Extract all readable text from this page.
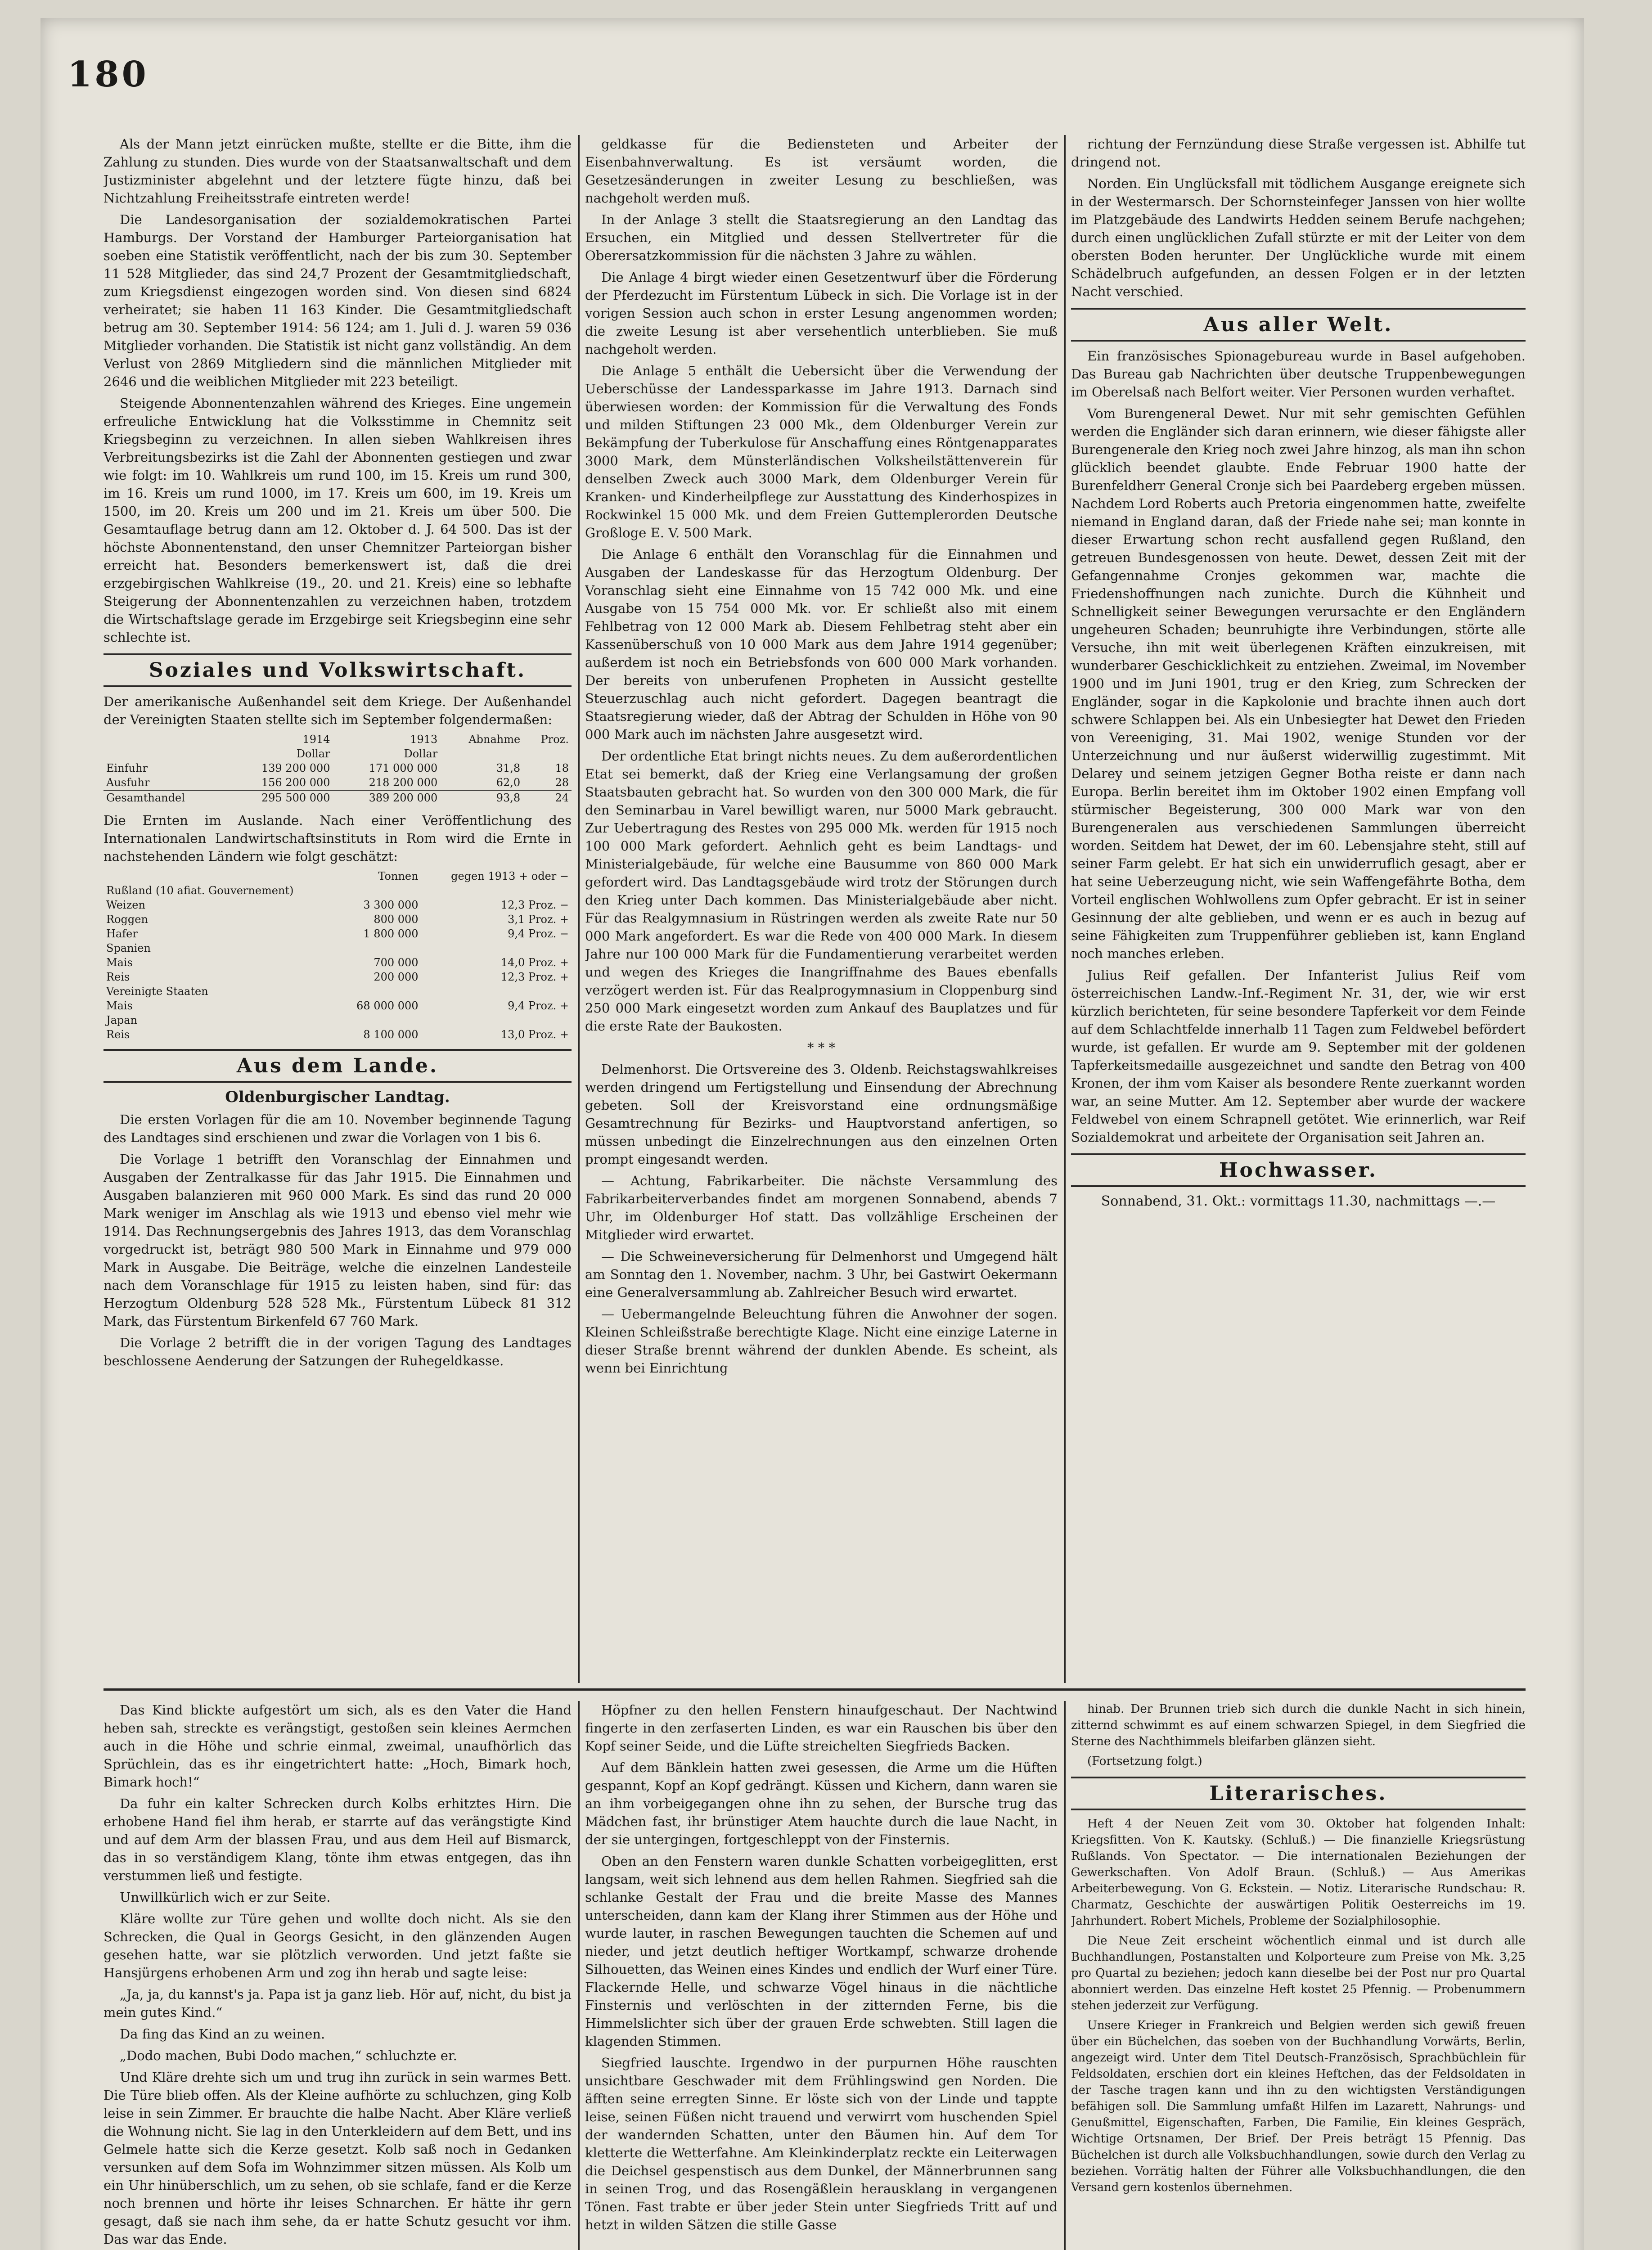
180

Als der Mann jetzt einrücken mußte, stellte er die Bitte, ihm die Zahlung zu stunden. Dies wurde von der Staatsanwaltschaft und dem Justizminister abgelehnt und der letztere fügte hinzu, daß bei Nichtzahlung Freiheitsstrafe eintreten werde!

Die Landesorganisation der sozialdemokratischen Partei Hamburgs. Der Vorstand der Hamburger Parteiorganisation hat soeben eine Statistik veröffentlicht, nach der bis zum 30. September 11 528 Mitglieder, das sind 24,7 Prozent der Gesamtmitgliedschaft, zum Kriegsdienst eingezogen worden sind. Von diesen sind 6824 verheiratet; sie haben 11 163 Kinder. Die Gesamtmitgliedschaft betrug am 30. September 1914: 56 124; am 1. Juli d. J. waren 59 036 Mitglieder vorhanden. Die Statistik ist nicht ganz vollständig. An dem Verlust von 2869 Mitgliedern sind die männlichen Mitglieder mit 2646 und die weiblichen Mitglieder mit 223 beteiligt.

Steigende Abonnentenzahlen während des Krieges. Eine ungemein erfreuliche Entwicklung hat die Volksstimme in Chemnitz seit Kriegsbeginn zu verzeichnen. In allen sieben Wahlkreisen ihres Verbreitungsbezirks ist die Zahl der Abonnenten gestiegen und zwar wie folgt: im 10. Wahlkreis um rund 100, im 15. Kreis um rund 300, im 16. Kreis um rund 1000, im 17. Kreis um 600, im 19. Kreis um 1500, im 20. Kreis um 200 und im 21. Kreis um über 500. Die Gesamtauflage betrug dann am 12. Oktober d. J. 64 500. Das ist der höchste Abonnentenstand, den unser Chemnitzer Parteiorgan bisher erreicht hat. Besonders bemerkenswert ist, daß die drei erzgebirgischen Wahlkreise (19., 20. und 21. Kreis) eine so lebhafte Steigerung der Abonnentenzahlen zu verzeichnen haben, trotzdem die Wirtschaftslage gerade im Erzgebirge seit Kriegsbeginn eine sehr schlechte ist.

Soziales und Volkswirtschaft.

Der amerikanische Außenhandel seit dem Kriege. Der Außenhandel der Vereinigten Staaten stellte sich im September folgendermaßen:

	1914	1913	Abnahme	Proz.
	Dollar	Dollar		
Einfuhr	139 200 000	171 000 000	31,8	18
Ausfuhr	156 200 000	218 200 000	62,0	28
Gesamthandel	295 500 000	389 200 000	93,8	24

Die Ernten im Auslande. Nach einer Veröffentlichung des Internationalen Landwirtschaftsinstituts in Rom wird die Ernte in nachstehenden Ländern wie folgt geschätzt:

	Tonnen	gegen 1913 + oder −
Rußland (10 afiat. Gouvernement)		
Weizen	3 300 000	12,3 Proz. −
Roggen	800 000	3,1 Proz. +
Hafer	1 800 000	9,4 Proz. −
Spanien		
Mais	700 000	14,0 Proz. +
Reis	200 000	12,3 Proz. +
Vereinigte Staaten		
Mais	68 000 000	9,4 Proz. +
Japan		
Reis	8 100 000	13,0 Proz. +
Aus dem Lande.
Oldenburgischer Landtag.

Die ersten Vorlagen für die am 10. November beginnende Tagung des Landtages sind erschienen und zwar die Vorlagen von 1 bis 6.

Die Vorlage 1 betrifft den Voranschlag der Einnahmen und Ausgaben der Zentralkasse für das Jahr 1915. Die Einnahmen und Ausgaben balanzieren mit 960 000 Mark. Es sind das rund 20 000 Mark weniger im Anschlag als wie 1913 und ebenso viel mehr wie 1914. Das Rechnungsergebnis des Jahres 1913, das dem Voranschlag vorgedruckt ist, beträgt 980 500 Mark in Einnahme und 979 000 Mark in Ausgabe. Die Beiträge, welche die einzelnen Landesteile nach dem Voranschlage für 1915 zu leisten haben, sind für: das Herzogtum Oldenburg 528 528 Mk., Fürstentum Lübeck 81 312 Mark, das Fürstentum Birkenfeld 67 760 Mark.

Die Vorlage 2 betrifft die in der vorigen Tagung des Landtages beschlossene Aenderung der Satzungen der Ruhegeldkasse.

geldkasse für die Bediensteten und Arbeiter der Eisenbahnverwaltung. Es ist versäumt worden, die Gesetzesänderungen in zweiter Lesung zu beschließen, was nachgeholt werden muß.

In der Anlage 3 stellt die Staatsregierung an den Landtag das Ersuchen, ein Mitglied und dessen Stellvertreter für die Oberersatzkommission für die nächsten 3 Jahre zu wählen.

Die Anlage 4 birgt wieder einen Gesetzentwurf über die Förderung der Pferdezucht im Fürstentum Lübeck in sich. Die Vorlage ist in der vorigen Session auch schon in erster Lesung angenommen worden; die zweite Lesung ist aber versehentlich unterblieben. Sie muß nachgeholt werden.

Die Anlage 5 enthält die Uebersicht über die Verwendung der Ueberschüsse der Landessparkasse im Jahre 1913. Darnach sind überwiesen worden: der Kommission für die Verwaltung des Fonds und milden Stiftungen 23 000 Mk., dem Oldenburger Verein zur Bekämpfung der Tuberkulose für Anschaffung eines Röntgenapparates 3000 Mark, dem Münsterländischen Volksheilstättenverein für denselben Zweck auch 3000 Mark, dem Oldenburger Verein für Kranken- und Kinderheilpflege zur Ausstattung des Kinderhospizes in Rockwinkel 15 000 Mk. und dem Freien Guttemplerorden Deutsche Großloge E. V. 500 Mark.

Die Anlage 6 enthält den Voranschlag für die Einnahmen und Ausgaben der Landeskasse für das Herzogtum Oldenburg. Der Voranschlag sieht eine Einnahme von 15 742 000 Mk. und eine Ausgabe von 15 754 000 Mk. vor. Er schließt also mit einem Fehlbetrag von 12 000 Mark ab. Diesem Fehlbetrag steht aber ein Kassenüberschuß von 10 000 Mark aus dem Jahre 1914 gegenüber; außerdem ist noch ein Betriebsfonds von 600 000 Mark vorhanden. Der bereits von unberufenen Propheten in Aussicht gestellte Steuerzuschlag auch nicht gefordert. Dagegen beantragt die Staatsregierung wieder, daß der Abtrag der Schulden in Höhe von 90 000 Mark auch im nächsten Jahre ausgesetzt wird.

Der ordentliche Etat bringt nichts neues. Zu dem außerordentlichen Etat sei bemerkt, daß der Krieg eine Verlangsamung der großen Staatsbauten gebracht hat. So wurden von den 300 000 Mark, die für den Seminarbau in Varel bewilligt waren, nur 5000 Mark gebraucht. Zur Uebertragung des Restes von 295 000 Mk. werden für 1915 noch 100 000 Mark gefordert. Aehnlich geht es beim Landtags- und Ministerialgebäude, für welche eine Bausumme von 860 000 Mark gefordert wird. Das Landtagsgebäude wird trotz der Störungen durch den Krieg unter Dach kommen. Das Ministerialgebäude aber nicht. Für das Realgymnasium in Rüstringen werden als zweite Rate nur 50 000 Mark angefordert. Es war die Rede von 400 000 Mark. In diesem Jahre nur 100 000 Mark für die Fundamentierung verarbeitet werden und wegen des Krieges die Inangriffnahme des Baues ebenfalls verzögert werden ist. Für das Realprogymnasium in Cloppenburg sind 250 000 Mark eingesetzt worden zum Ankauf des Bauplatzes und für die erste Rate der Baukosten.

* * *

Delmenhorst. Die Ortsvereine des 3. Oldenb. Reichstagswahlkreises werden dringend um Fertigstellung und Einsendung der Abrechnung gebeten. Soll der Kreisvorstand eine ordnungsmäßige Gesamtrechnung für Bezirks- und Hauptvorstand anfertigen, so müssen unbedingt die Einzelrechnungen aus den einzelnen Orten prompt eingesandt werden.

— Achtung, Fabrikarbeiter. Die nächste Versammlung des Fabrikarbeiterverbandes findet am morgenen Sonnabend, abends 7 Uhr, im Oldenburger Hof statt. Das vollzählige Erscheinen der Mitglieder wird erwartet.

— Die Schweineversicherung für Delmenhorst und Umgegend hält am Sonntag den 1. November, nachm. 3 Uhr, bei Gastwirt Oekermann eine Generalversammlung ab. Zahlreicher Besuch wird erwartet.

— Uebermangelnde Beleuchtung führen die Anwohner der sogen. Kleinen Schleißstraße berechtigte Klage. Nicht eine einzige Laterne in dieser Straße brennt während der dunklen Abende. Es scheint, als wenn bei Einrichtung

richtung der Fernzündung diese Straße vergessen ist. Abhilfe tut dringend not.

Norden. Ein Unglücksfall mit tödlichem Ausgange ereignete sich in der Westermarsch. Der Schornsteinfeger Janssen von hier wollte im Platzgebäude des Landwirts Hedden seinem Berufe nachgehen; durch einen unglücklichen Zufall stürzte er mit der Leiter von dem obersten Boden herunter. Der Unglückliche wurde mit einem Schädelbruch aufgefunden, an dessen Folgen er in der letzten Nacht verschied.

Aus aller Welt.

Ein französisches Spionagebureau wurde in Basel aufgehoben. Das Bureau gab Nachrichten über deutsche Truppenbewegungen im Oberelsaß nach Belfort weiter. Vier Personen wurden verhaftet.

Vom Burengeneral Dewet. Nur mit sehr gemischten Gefühlen werden die Engländer sich daran erinnern, wie dieser fähigste aller Burengenerale den Krieg noch zwei Jahre hinzog, als man ihn schon glücklich beendet glaubte. Ende Februar 1900 hatte der Burenfeldherr General Cronje sich bei Paardeberg ergeben müssen. Nachdem Lord Roberts auch Pretoria eingenommen hatte, zweifelte niemand in England daran, daß der Friede nahe sei; man konnte in dieser Erwartung schon recht ausfallend gegen Rußland, den getreuen Bundesgenossen von heute. Dewet, dessen Zeit mit der Gefangennahme Cronjes gekommen war, machte die Friedenshoffnungen nach zunichte. Durch die Kühnheit und Schnelligkeit seiner Bewegungen verursachte er den Engländern ungeheuren Schaden; beunruhigte ihre Verbindungen, störte alle Versuche, ihn mit weit überlegenen Kräften einzukreisen, mit wunderbarer Geschicklichkeit zu entziehen. Zweimal, im November 1900 und im Juni 1901, trug er den Krieg, zum Schrecken der Engländer, sogar in die Kapkolonie und brachte ihnen auch dort schwere Schlappen bei. Als ein Unbesiegter hat Dewet den Frieden von Vereeniging, 31. Mai 1902, wenige Stunden vor der Unterzeichnung und nur äußerst widerwillig zugestimmt. Mit Delarey und seinem jetzigen Gegner Botha reiste er dann nach Europa. Berlin bereitet ihm im Oktober 1902 einen Empfang voll stürmischer Begeisterung, 300 000 Mark war von den Burengeneralen aus verschiedenen Sammlungen überreicht worden. Seitdem hat Dewet, der im 60. Lebensjahre steht, still auf seiner Farm gelebt. Er hat sich ein unwiderruflich gesagt, aber er hat seine Ueberzeugung nicht, wie sein Waffengefährte Botha, dem Vorteil englischen Wohlwollens zum Opfer gebracht. Er ist in seiner Gesinnung der alte geblieben, und wenn er es auch in bezug auf seine Fähigkeiten zum Truppenführer geblieben ist, kann England noch manches erleben.

Julius Reif gefallen. Der Infanterist Julius Reif vom österreichischen Landw.-Inf.-Regiment Nr. 31, der, wie wir erst kürzlich berichteten, für seine besondere Tapferkeit vor dem Feinde auf dem Schlachtfelde innerhalb 11 Tagen zum Feldwebel befördert wurde, ist gefallen. Er wurde am 9. September mit der goldenen Tapferkeitsmedaille ausgezeichnet und sandte den Betrag von 400 Kronen, der ihm vom Kaiser als besondere Rente zuerkannt worden war, an seine Mutter. Am 12. September aber wurde der wackere Feldwebel von einem Schrapnell getötet. Wie erinnerlich, war Reif Sozialdemokrat und arbeitete der Organisation seit Jahren an.

Hochwasser.

Sonnabend, 31. Okt.: vormittags 11.30, nachmittags —.—

Das Kind blickte aufgestört um sich, als es den Vater die Hand heben sah, streckte es verängstigt, gestoßen sein kleines Aermchen auch in die Höhe und schrie einmal, zweimal, unaufhörlich das Sprüchlein, das es ihr eingetrichtert hatte: „Hoch, Bimark hoch, Bimark hoch!“

Da fuhr ein kalter Schrecken durch Kolbs erhitztes Hirn. Die erhobene Hand fiel ihm herab, er starrte auf das verängstigte Kind und auf dem Arm der blassen Frau, und aus dem Heil auf Bismarck, das in so verständigem Klang, tönte ihm etwas entgegen, das ihn verstummen ließ und festigte.

Unwillkürlich wich er zur Seite.

Kläre wollte zur Türe gehen und wollte doch nicht. Als sie den Schrecken, die Qual in Georgs Gesicht, in den glänzenden Augen gesehen hatte, war sie plötzlich verworden. Und jetzt faßte sie Hansjürgens erhobenen Arm und zog ihn herab und sagte leise:

„Ja, ja, du kannst's ja. Papa ist ja ganz lieb. Hör auf, nicht, du bist ja mein gutes Kind.“

Da fing das Kind an zu weinen.

„Dodo machen, Bubi Dodo machen,“ schluchzte er.

Und Kläre drehte sich um und trug ihn zurück in sein warmes Bett. Die Türe blieb offen. Als der Kleine aufhörte zu schluchzen, ging Kolb leise in sein Zimmer. Er brauchte die halbe Nacht. Aber Kläre verließ die Wohnung nicht. Sie lag in den Unterkleidern auf dem Bett, und ins Gelmele hatte sich die Kerze gesetzt. Kolb saß noch in Gedanken versunken auf dem Sofa im Wohnzimmer sitzen müssen. Als Kolb um ein Uhr hinüberschlich, um zu sehen, ob sie schlafe, fand er die Kerze noch brennen und hörte ihr leises Schnarchen. Er hätte ihr gern gesagt, daß sie nach ihm sehe, da er hatte Schutz gesucht vor ihm. Das war das Ende.

Höpfner zu den hellen Fenstern hinaufgeschaut. Der Nachtwind fingerte in den zerfaserten Linden, es war ein Rauschen bis über den Kopf seiner Seide, und die Lüfte streichelten Siegfrieds Backen.

Auf dem Bänklein hatten zwei gesessen, die Arme um die Hüften gespannt, Kopf an Kopf gedrängt. Küssen und Kichern, dann waren sie an ihm vorbeigegangen ohne ihn zu sehen, der Bursche trug das Mädchen fast, ihr brünstiger Atem hauchte durch die laue Nacht, in der sie untergingen, fortgeschleppt von der Finsternis.

Oben an den Fenstern waren dunkle Schatten vorbeigeglitten, erst langsam, weit sich lehnend aus dem hellen Rahmen. Siegfried sah die schlanke Gestalt der Frau und die breite Masse des Mannes unterscheiden, dann kam der Klang ihrer Stimmen aus der Höhe und wurde lauter, in raschen Bewegungen tauchten die Schemen auf und nieder, und jetzt deutlich heftiger Wortkampf, schwarze drohende Silhouetten, das Weinen eines Kindes und endlich der Wurf einer Türe. Flackernde Helle, und schwarze Vögel hinaus in die nächtliche Finsternis und verlöschten in der zitternden Ferne, bis die Himmelslichter sich über der grauen Erde schwebten. Still lagen die klagenden Stimmen.

Siegfried lauschte. Irgendwo in der purpurnen Höhe rauschten unsichtbare Geschwader mit dem Frühlingswind gen Norden. Die äfften seine erregten Sinne. Er löste sich von der Linde und tappte leise, seinen Füßen nicht trauend und verwirrt vom huschenden Spiel der wandernden Schatten, unter den Bäumen hin. Auf dem Tor kletterte die Wetterfahne. Am Kleinkinderplatz reckte ein Leiterwagen die Deichsel gespenstisch aus dem Dunkel, der Männerbrunnen sang in seinen Trog, und das Rosengäßlein herausklang in vergangenen Tönen. Fast trabte er über jeder Stein unter Siegfrieds Tritt auf und hetzt in wilden Sätzen die stille Gasse

hinab. Der Brunnen trieb sich durch die dunkle Nacht in sich hinein, zitternd schwimmt es auf einem schwarzen Spiegel, in dem Siegfried die Sterne des Nachthimmels bleifarben glänzen sieht.

(Fortsetzung folgt.)

Literarisches.

Heft 4 der Neuen Zeit vom 30. Oktober hat folgenden Inhalt: Kriegsfitten. Von K. Kautsky. (Schluß.) — Die finanzielle Kriegsrüstung Rußlands. Von Spectator. — Die internationalen Beziehungen der Gewerkschaften. Von Adolf Braun. (Schluß.) — Aus Amerikas Arbeiterbewegung. Von G. Eckstein. — Notiz. Literarische Rundschau: R. Charmatz, Geschichte der auswärtigen Politik Oesterreichs im 19. Jahrhundert. Robert Michels, Probleme der Sozialphilosophie.

Die Neue Zeit erscheint wöchentlich einmal und ist durch alle Buchhandlungen, Postanstalten und Kolporteure zum Preise von Mk. 3,25 pro Quartal zu beziehen; jedoch kann dieselbe bei der Post nur pro Quartal abonniert werden. Das einzelne Heft kostet 25 Pfennig. — Probenummern stehen jederzeit zur Verfügung.

Unsere Krieger in Frankreich und Belgien werden sich gewiß freuen über ein Büchelchen, das soeben von der Buchhandlung Vorwärts, Berlin, angezeigt wird. Unter dem Titel Deutsch-Französisch, Sprachbüchlein für Feldsoldaten, erschien dort ein kleines Heftchen, das der Feldsoldaten in der Tasche tragen kann und ihn zu den wichtigsten Verständigungen befähigen soll. Die Sammlung umfaßt Hilfen im Lazarett, Nahrungs- und Genußmittel, Eigenschaften, Farben, Die Familie, Ein kleines Gespräch, Wichtige Ortsnamen, Der Brief. Der Preis beträgt 15 Pfennig. Das Büchelchen ist durch alle Volksbuchhandlungen, sowie durch den Verlag zu beziehen. Vorrätig halten der Führer alle Volksbuchhandlungen, die den Versand gern kostenlos übernehmen.
